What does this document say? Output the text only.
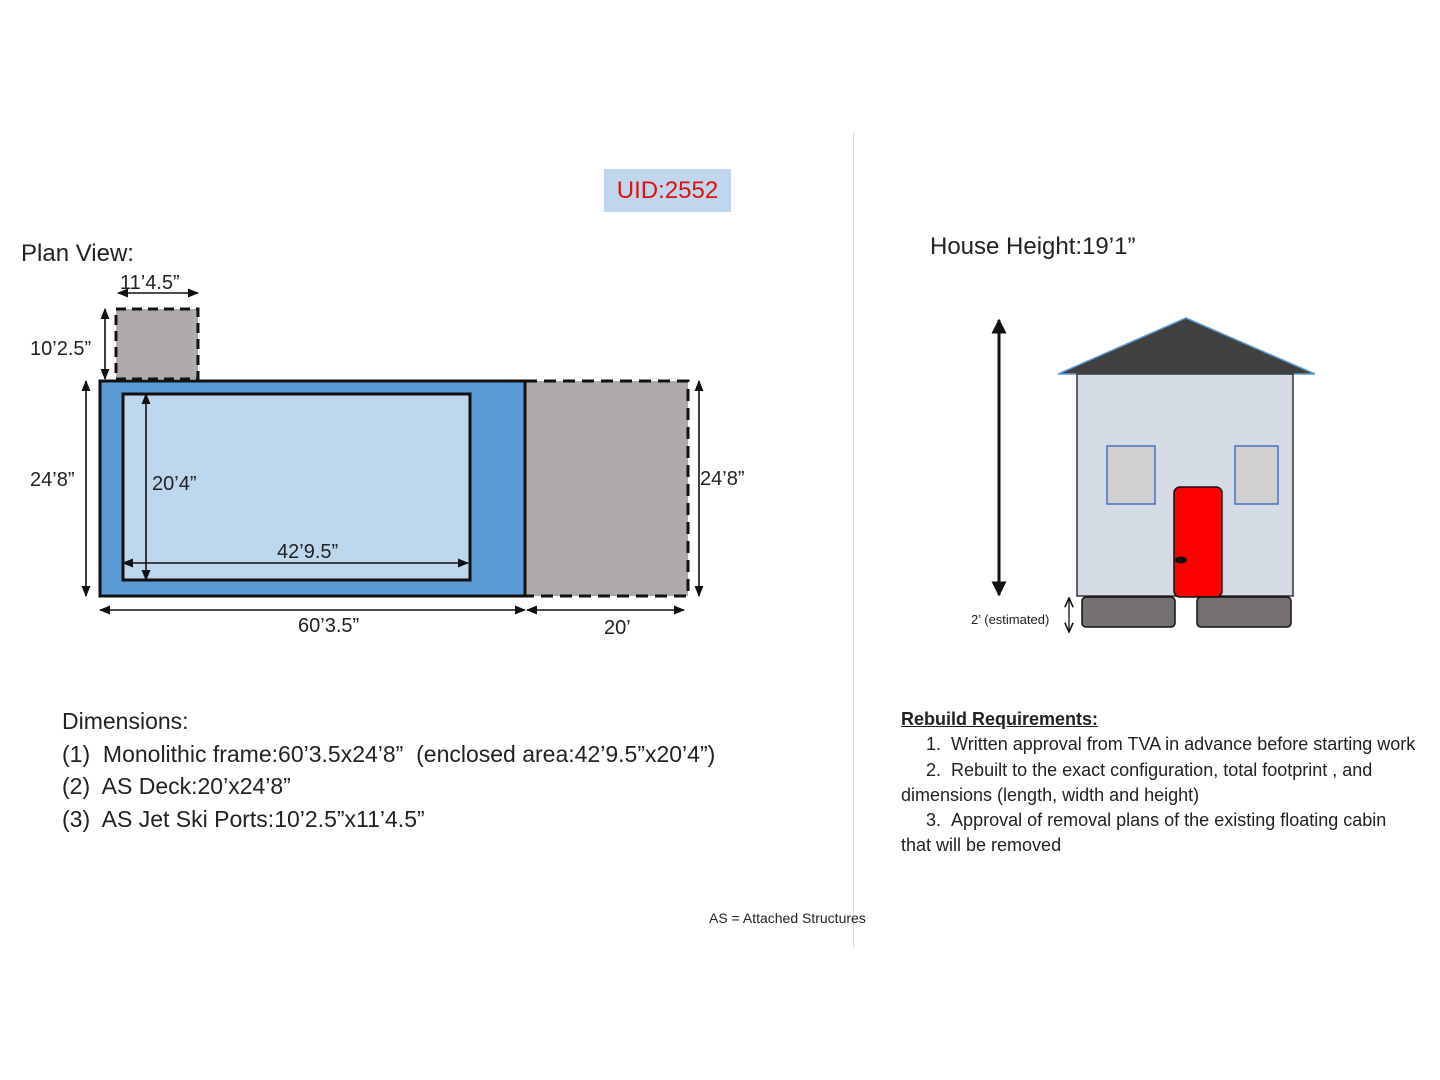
UID:2552
Plan View:	House Height:19’1”
11’4.5”
10’2.5”
24’8”	20’4”
42’9.5”
60’3.5”	20’
24’8”
2’ (estimated)
Dimensions:
(1) Monolithic frame:60’3.5x24’8”  (enclosed area:42’9.5”x20’4”)
(2) AS Deck:20’x24’8”
(3) AS Jet Ski Ports:10’2.5”x11’4.5”
Rebuild Requirements:
1. Written approval from TVA in advance before starting work
2. Rebuilt to the exact configuration, total footprint , and dimensions (length, width and height)
3. Approval of removal plans of the existing floating cabin that will be removed
AS = Attached Structures
